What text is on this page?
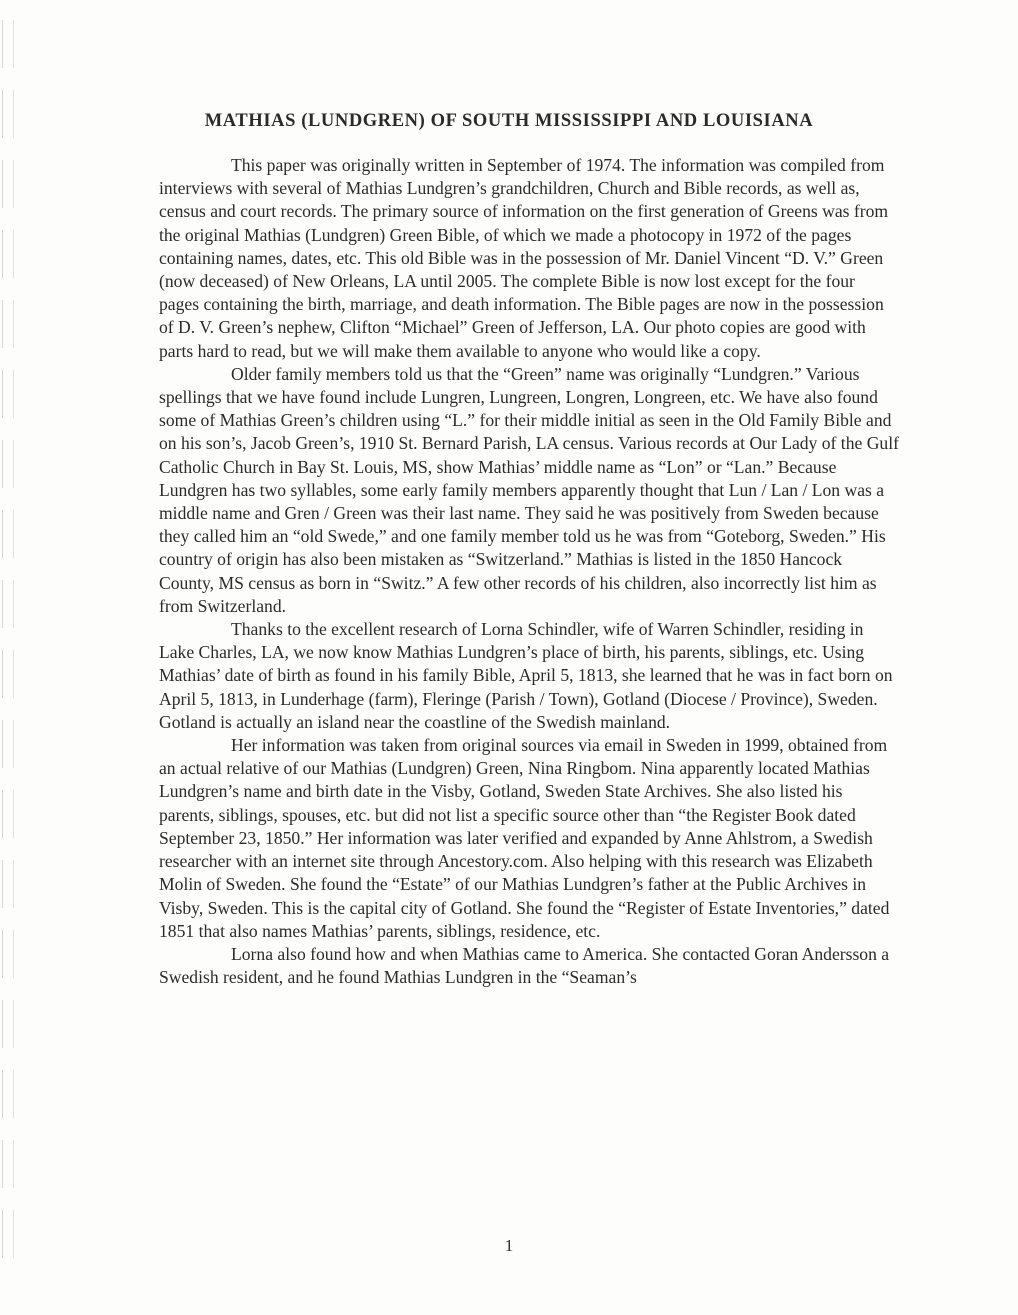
MATHIAS (LUNDGREN) OF SOUTH MISSISSIPPI AND LOUISIANA

This paper was originally written in September of 1974. The information was compiled from interviews with several of Mathias Lundgren’s grandchildren, Church and Bible records, as well as, census and court records. The primary source of information on the first generation of Greens was from the original Mathias (Lundgren) Green Bible, of which we made a photocopy in 1972 of the pages containing names, dates, etc. This old Bible was in the possession of Mr. Daniel Vincent “D. V.” Green (now deceased) of New Orleans, LA until 2005. The complete Bible is now lost except for the four pages containing the birth, marriage, and death information. The Bible pages are now in the possession of D. V. Green’s nephew, Clifton “Michael” Green of Jefferson, LA. Our photo copies are good with parts hard to read, but we will make them available to anyone who would like a copy.

Older family members told us that the “Green” name was originally “Lundgren.” Various spellings that we have found include Lungren, Lungreen, Longren, Longreen, etc. We have also found some of Mathias Green’s children using “L.” for their middle initial as seen in the Old Family Bible and on his son’s, Jacob Green’s, 1910 St. Bernard Parish, LA census. Various records at Our Lady of the Gulf Catholic Church in Bay St. Louis, MS, show Mathias’ middle name as “Lon” or “Lan.” Because Lundgren has two syllables, some early family members apparently thought that Lun / Lan / Lon was a middle name and Gren / Green was their last name. They said he was positively from Sweden because they called him an “old Swede,” and one family member told us he was from “Goteborg, Sweden.” His country of origin has also been mistaken as “Switzerland.” Mathias is listed in the 1850 Hancock County, MS census as born in “Switz.” A few other records of his children, also incorrectly list him as from Switzerland.

Thanks to the excellent research of Lorna Schindler, wife of Warren Schindler, residing in Lake Charles, LA, we now know Mathias Lundgren’s place of birth, his parents, siblings, etc. Using Mathias’ date of birth as found in his family Bible, April 5, 1813, she learned that he was in fact born on April 5, 1813, in Lunderhage (farm), Fleringe (Parish / Town), Gotland (Diocese / Province), Sweden. Gotland is actually an island near the coastline of the Swedish mainland.

Her information was taken from original sources via email in Sweden in 1999, obtained from an actual relative of our Mathias (Lundgren) Green, Nina Ringbom. Nina apparently located Mathias Lundgren’s name and birth date in the Visby, Gotland, Sweden State Archives. She also listed his parents, siblings, spouses, etc. but did not list a specific source other than “the Register Book dated September 23, 1850.” Her information was later verified and expanded by Anne Ahlstrom, a Swedish researcher with an internet site through Ancestory.com. Also helping with this research was Elizabeth Molin of Sweden. She found the “Estate” of our Mathias Lundgren’s father at the Public Archives in Visby, Sweden. This is the capital city of Gotland. She found the “Register of Estate Inventories,” dated 1851 that also names Mathias’ parents, siblings, residence, etc.

Lorna also found how and when Mathias came to America. She contacted Goran Andersson a Swedish resident, and he found Mathias Lundgren in the “Seaman’s

1
